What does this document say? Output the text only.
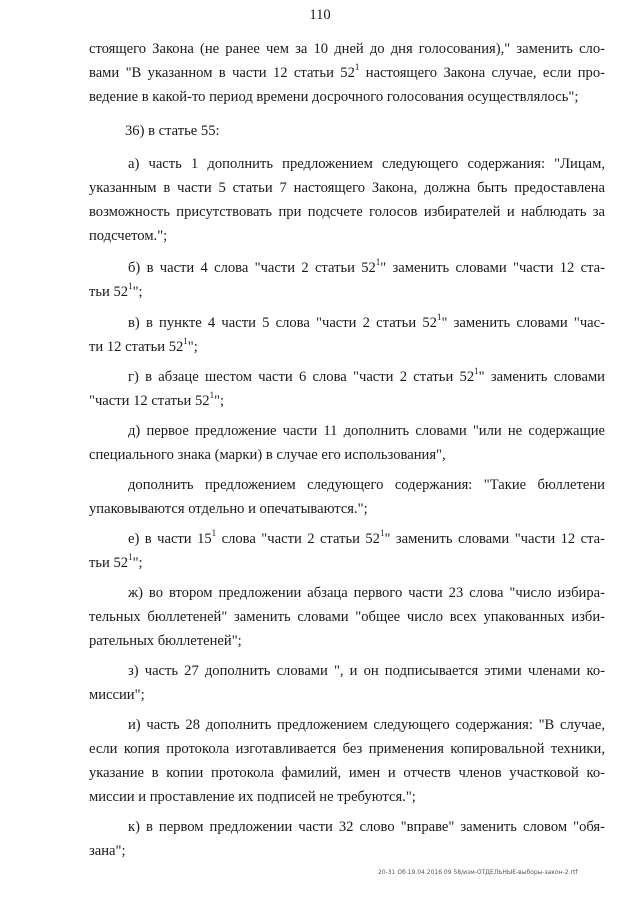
110
стоящего Закона (не ранее чем за 10 дней до дня голосования)," заменить сло-
вами "В указанном в части 12 статьи $52^1$ настоящего Закона случае, если про-
ведение в какой-то период времени досрочного голосования осуществлялось";
36) в статье 55:
а) часть 1 дополнить предложением следующего содержания: "Лицам,
указанным в части 5 статьи 7 настоящего Закона, должна быть предоставлена
возможность присутствовать при подсчете голосов избирателей и наблюдать за
подсчетом.";
б) в части 4 слова "части 2 статьи $52^1$" заменить словами "части 12 ста-
тьи $52^1$";
в) в пункте 4 части 5 слова "части 2 статьи $52^1$" заменить словами "час-
ти 12 статьи $52^1$";
г) в абзаце шестом части 6 слова "части 2 статьи $52^1$" заменить словами
"части 12 статьи $52^1$";
д) первое предложение части 11 дополнить словами "или не содержащие
специального знака (марки) в случае его использования",
дополнить предложением следующего содержания: "Такие бюллетени
упаковываются отдельно и опечатываются.";
е) в части $15^1$ слова "части 2 статьи $52^1$" заменить словами "части 12 ста-
тьи $52^1$";
ж) во втором предложении абзаца первого части 23 слова "число избира-
тельных бюллетеней" заменить словами "общее число всех упакованных изби-
рательных бюллетеней";
з) часть 27 дополнить словами ", и он подписывается этими членами ко-
миссии";
и) часть 28 дополнить предложением следующего содержания: "В случае,
если копия протокола изготавливается без применения копировальной техники,
указание в копии протокола фамилий, имен и отчеств членов участковой ко-
миссии и проставление их подписей не требуются.";
к) в первом предложении части 32 слово "вправе" заменить словом "обя-
зана";
20-31 Об 19.04.2016 09 58/изм-ОТДЕЛЬНЫЕ-выборы-закон-2.rtf
